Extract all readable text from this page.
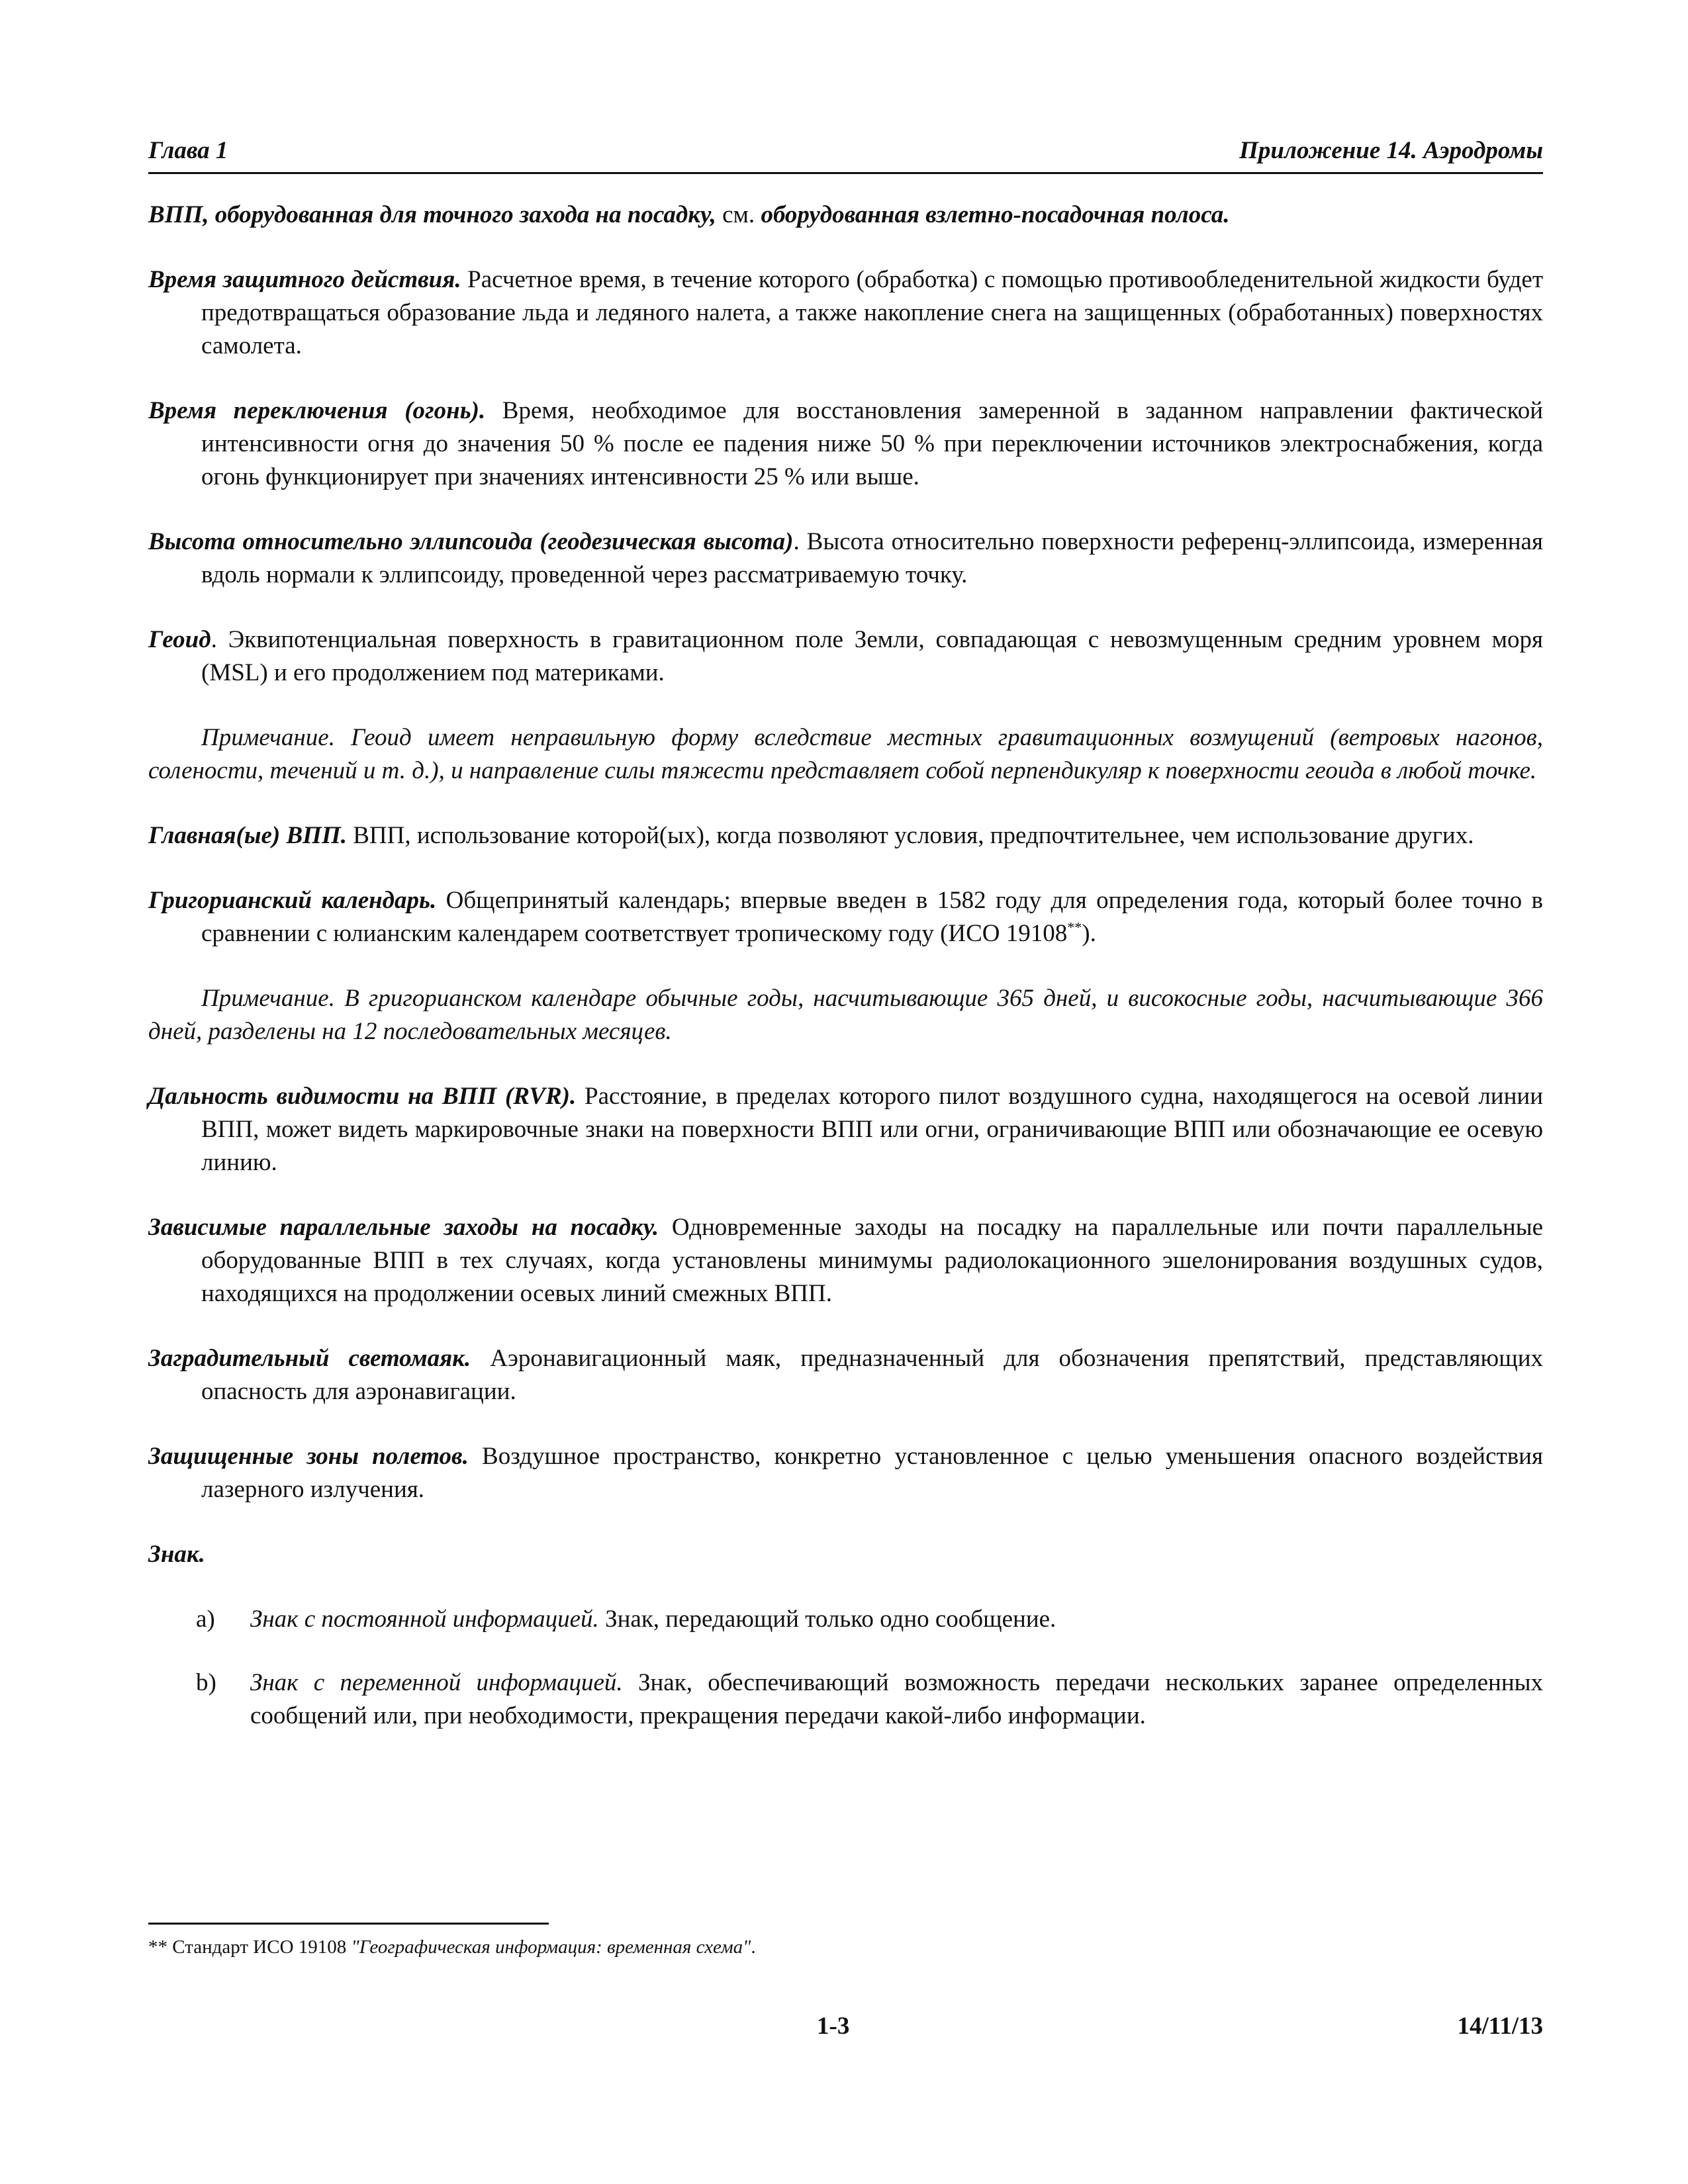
Глава 1	Приложение 14. Аэродромы

ВПП, оборудованная для точного захода на посадку, см. оборудованная взлетно-посадочная полоса.

Время защитного действия. Расчетное время, в течение которого (обработка) с помощью противообледенительной жидкости будет предотвращаться образование льда и ледяного налета, а также накопление снега на защищенных (обработанных) поверхностях самолета.

Время переключения (огонь). Время, необходимое для восстановления замеренной в заданном направлении фактической интенсивности огня до значения 50 % после ее падения ниже 50 % при переключении источников электроснабжения, когда огонь функционирует при значениях интенсивности 25 % или выше.

Высота относительно эллипсоида (геодезическая высота). Высота относительно поверхности референц-эллипсоида, измеренная вдоль нормали к эллипсоиду, проведенной через рассматриваемую точку.

Геоид. Эквипотенциальная поверхность в гравитационном поле Земли, совпадающая с невозмущенным средним уровнем моря (MSL) и его продолжением под материками.

Примечание. Геоид имеет неправильную форму вследствие местных гравитационных возмущений (ветровых нагонов, солености, течений и т. д.), и направление силы тяжести представляет собой перпендикуляр к поверхности геоида в любой точке.

Главная(ые) ВПП. ВПП, использование которой(ых), когда позволяют условия, предпочтительнее, чем использование других.

Григорианский календарь. Общепринятый календарь; впервые введен в 1582 году для определения года, который более точно в сравнении с юлианским календарем соответствует тропическому году (ИСО 19108**).

Примечание. В григорианском календаре обычные годы, насчитывающие 365 дней, и високосные годы, насчитывающие 366 дней, разделены на 12 последовательных месяцев.

Дальность видимости на ВПП (RVR). Расстояние, в пределах которого пилот воздушного судна, находящегося на осевой линии ВПП, может видеть маркировочные знаки на поверхности ВПП или огни, ограничивающие ВПП или обозначающие ее осевую линию.

Зависимые параллельные заходы на посадку. Одновременные заходы на посадку на параллельные или почти параллельные оборудованные ВПП в тех случаях, когда установлены минимумы радиолокационного эшелонирования воздушных судов, находящихся на продолжении осевых линий смежных ВПП.

Заградительный светомаяк. Аэронавигационный маяк, предназначенный для обозначения препятствий, представляющих опасность для аэронавигации.

Защищенные зоны полетов. Воздушное пространство, конкретно установленное с целью уменьшения опасного воздействия лазерного излучения.

Знак.

a) Знак с постоянной информацией. Знак, передающий только одно сообщение.

b) Знак с переменной информацией. Знак, обеспечивающий возможность передачи нескольких заранее определенных сообщений или, при необходимости, прекращения передачи какой-либо информации.

** Стандарт ИСО 19108 "Географическая информация: временная схема".
1-3	14/11/13
